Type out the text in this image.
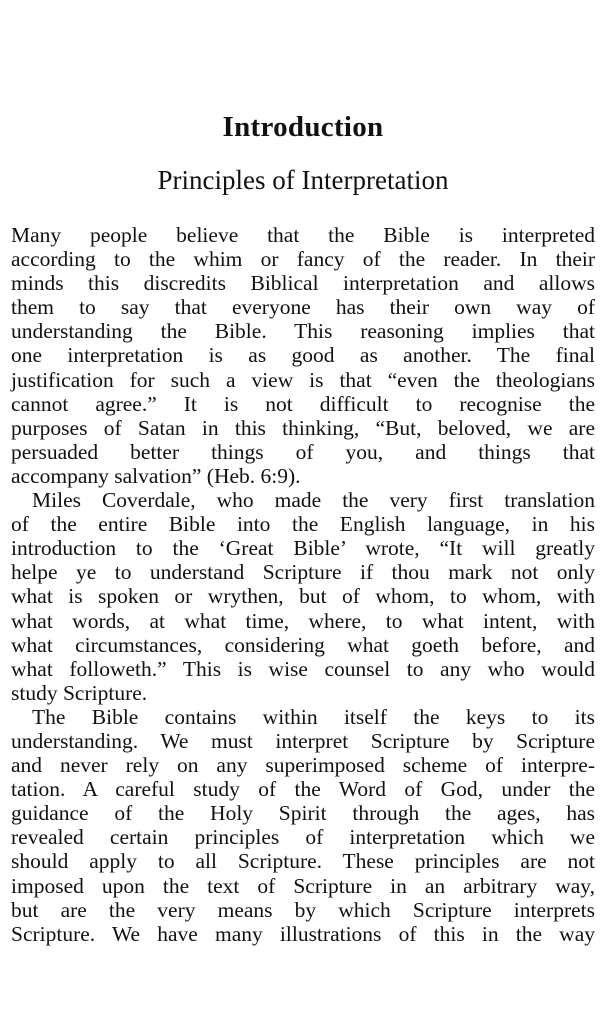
Introduction
Principles of Interpretation

Many people believe that the Bible is interpreted
according to the whim or fancy of the reader. In their
minds this discredits Biblical interpretation and allows
them to say that everyone has their own way of
understanding the Bible. This reasoning implies that
one interpretation is as good as another. The final
justification for such a view is that “even the theologians
cannot agree.” It is not difficult to recognise the
purposes of Satan in this thinking, “But, beloved, we are
persuaded better things of you, and things that
accompany salvation” (Heb. 6:9).

Miles Coverdale, who made the very first translation
of the entire Bible into the English language, in his
introduction to the ‘Great Bible’ wrote, “It will greatly
helpe ye to understand Scripture if thou mark not only
what is spoken or wrythen, but of whom, to whom, with
what words, at what time, where, to what intent, with
what circumstances, considering what goeth before, and
what followeth.” This is wise counsel to any who would
study Scripture.

The Bible contains within itself the keys to its
understanding. We must interpret Scripture by Scripture
and never rely on any superimposed scheme of interpre-
tation. A careful study of the Word of God, under the
guidance of the Holy Spirit through the ages, has
revealed certain principles of interpretation which we
should apply to all Scripture. These principles are not
imposed upon the text of Scripture in an arbitrary way,
but are the very means by which Scripture interprets
Scripture. We have many illustrations of this in the way
